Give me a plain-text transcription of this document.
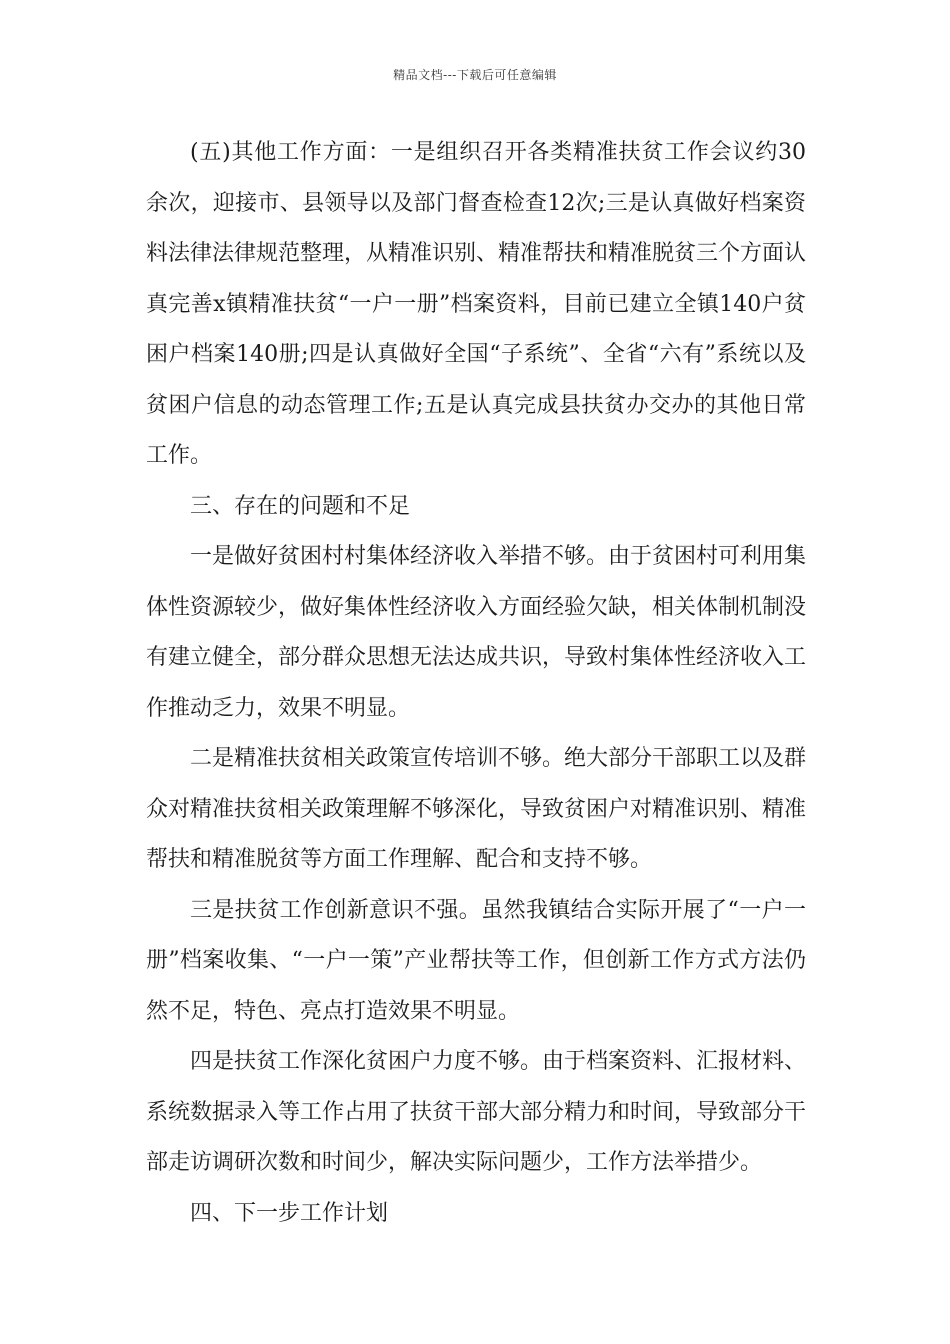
精品文档---下载后可任意编辑

(五)其他工作方面：一是组织召开各类精准扶贫工作会议约30余次，迎接市、县领导以及部门督查检查12次;三是认真做好档案资料法律法律规范整理，从精准识别、精准帮扶和精准脱贫三个方面认真完善x镇精准扶贫“一户一册”档案资料，目前已建立全镇140户贫困户档案140册;四是认真做好全国“子系统”、全省“六有”系统以及贫困户信息的动态管理工作;五是认真完成县扶贫办交办的其他日常工作。

三、存在的问题和不足

一是做好贫困村村集体经济收入举措不够。由于贫困村可利用集体性资源较少，做好集体性经济收入方面经验欠缺，相关体制机制没有建立健全，部分群众思想无法达成共识，导致村集体性经济收入工作推动乏力，效果不明显。

二是精准扶贫相关政策宣传培训不够。绝大部分干部职工以及群众对精准扶贫相关政策理解不够深化，导致贫困户对精准识别、精准帮扶和精准脱贫等方面工作理解、配合和支持不够。

三是扶贫工作创新意识不强。虽然我镇结合实际开展了“一户一册”档案收集、“一户一策”产业帮扶等工作，但创新工作方式方法仍然不足，特色、亮点打造效果不明显。

四是扶贫工作深化贫困户力度不够。由于档案资料、汇报材料、系统数据录入等工作占用了扶贫干部大部分精力和时间，导致部分干部走访调研次数和时间少，解决实际问题少，工作方法举措少。

四、下一步工作计划
